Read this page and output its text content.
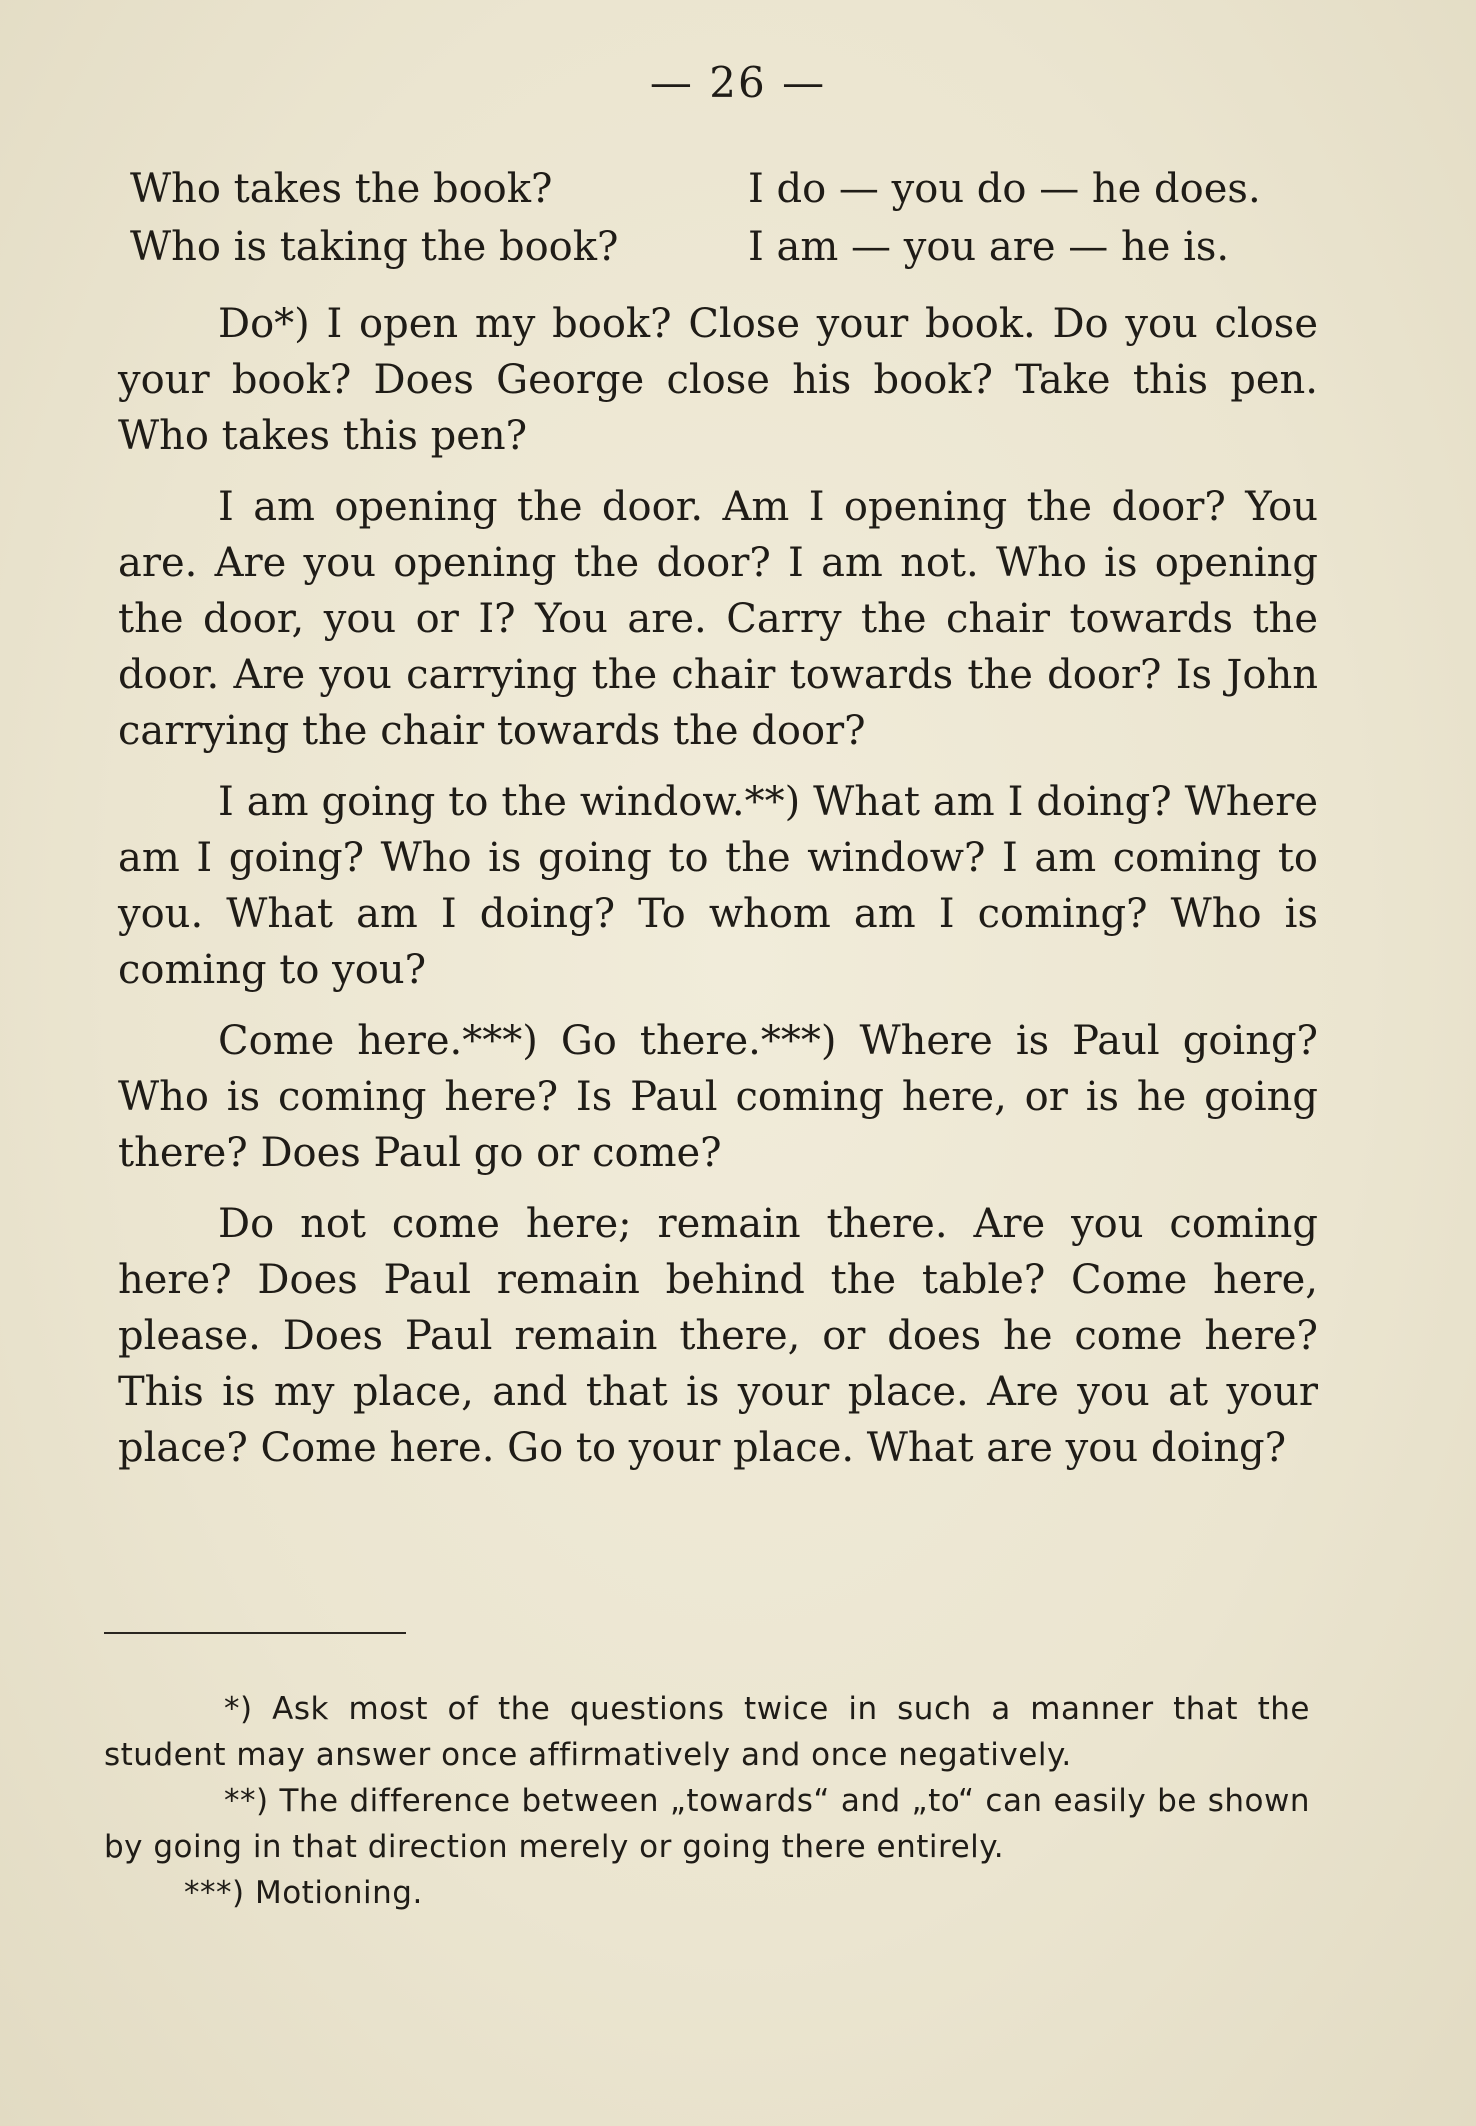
— 26 —

Who takes the book?	I do — you do — he does.
Who is taking the book?	I am — you are — he is.

Do*) I open my book? Close your book. Do you close your book? Does George close his book? Take this pen. Who takes this pen?

I am opening the door. Am I opening the door? You are. Are you opening the door? I am not. Who is opening the door, you or I? You are. Carry the chair towards the door. Are you carrying the chair towards the door? Is John carrying the chair towards the door?

I am going to the window.**) What am I doing? Where am I going? Who is going to the window? I am coming to you. What am I doing? To whom am I coming? Who is coming to you?

Come here.***) Go there.***) Where is Paul going? Who is coming here? Is Paul coming here, or is he going there? Does Paul go or come?

Do not come here; remain there. Are you coming here? Does Paul remain behind the table? Come here, please. Does Paul remain there, or does he come here? This is my place, and that is your place. Are you at your place? Come here. Go to your place. What are you doing?

*) Ask most of the questions twice in such a manner that the student may answer once affirmatively and once negatively.

**) The difference between „towards“ and „to“ can easily be shown by going in that direction merely or going there entirely.

***) Motioning.
